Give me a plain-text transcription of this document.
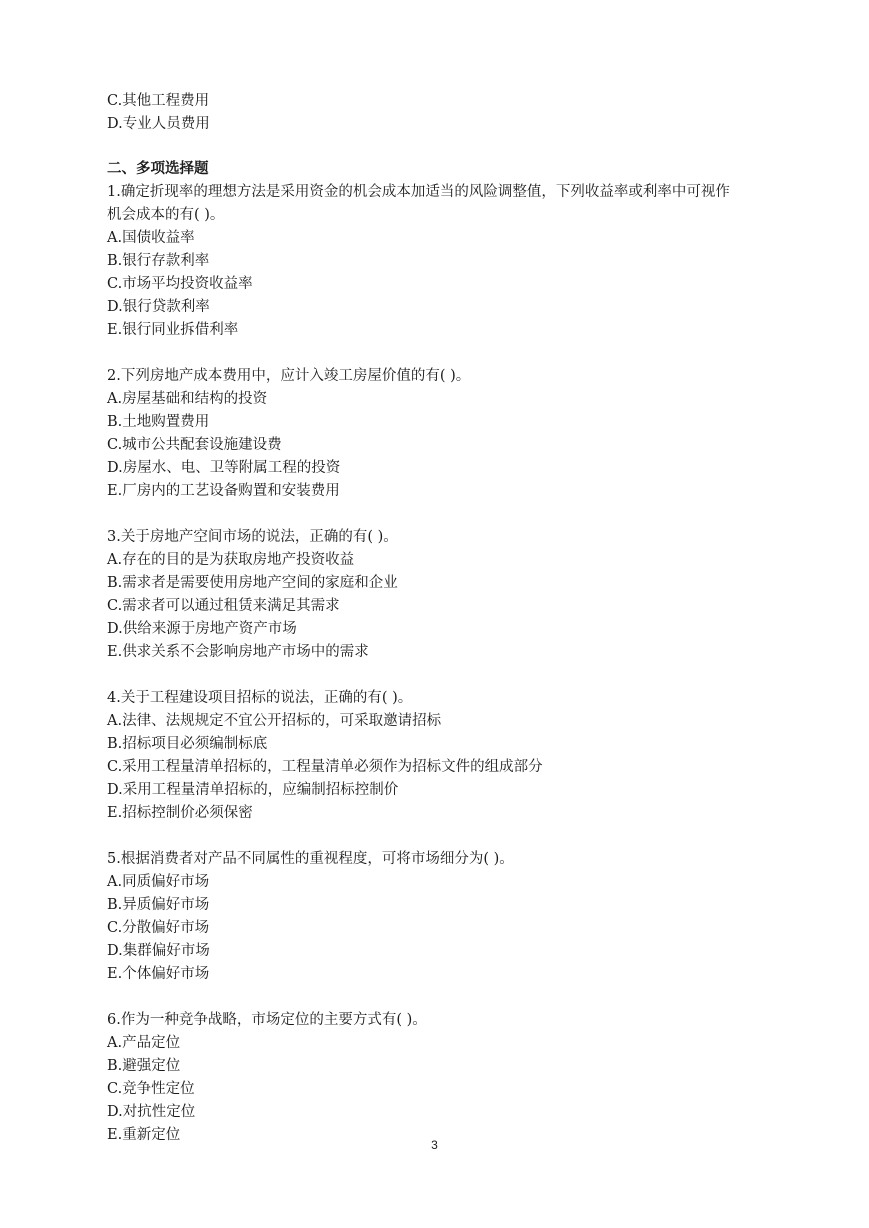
C.其他工程费用
D.专业人员费用
二、多项选择题
1.确定折现率的理想方法是采用资金的机会成本加适当的风险调整值，下列收益率或利率中可视作
机会成本的有( )。
A.国债收益率
B.银行存款利率
C.市场平均投资收益率
D.银行贷款利率
E.银行同业拆借利率
2.下列房地产成本费用中，应计入竣工房屋价值的有( )。
A.房屋基础和结构的投资
B.土地购置费用
C.城市公共配套设施建设费
D.房屋水、电、卫等附属工程的投资
E.厂房内的工艺设备购置和安装费用
3.关于房地产空间市场的说法，正确的有( )。
A.存在的目的是为获取房地产投资收益
B.需求者是需要使用房地产空间的家庭和企业
C.需求者可以通过租赁来满足其需求
D.供给来源于房地产资产市场
E.供求关系不会影响房地产市场中的需求
4.关于工程建设项目招标的说法，正确的有( )。
A.法律、法规规定不宜公开招标的，可采取邀请招标
B.招标项目必须编制标底
C.采用工程量清单招标的，工程量清单必须作为招标文件的组成部分
D.采用工程量清单招标的，应编制招标控制价
E.招标控制价必须保密
5.根据消费者对产品不同属性的重视程度，可将市场细分为( )。
A.同质偏好市场
B.异质偏好市场
C.分散偏好市场
D.集群偏好市场
E.个体偏好市场
6.作为一种竞争战略，市场定位的主要方式有( )。
A.产品定位
B.避强定位
C.竞争性定位
D.对抗性定位
E.重新定位
3
